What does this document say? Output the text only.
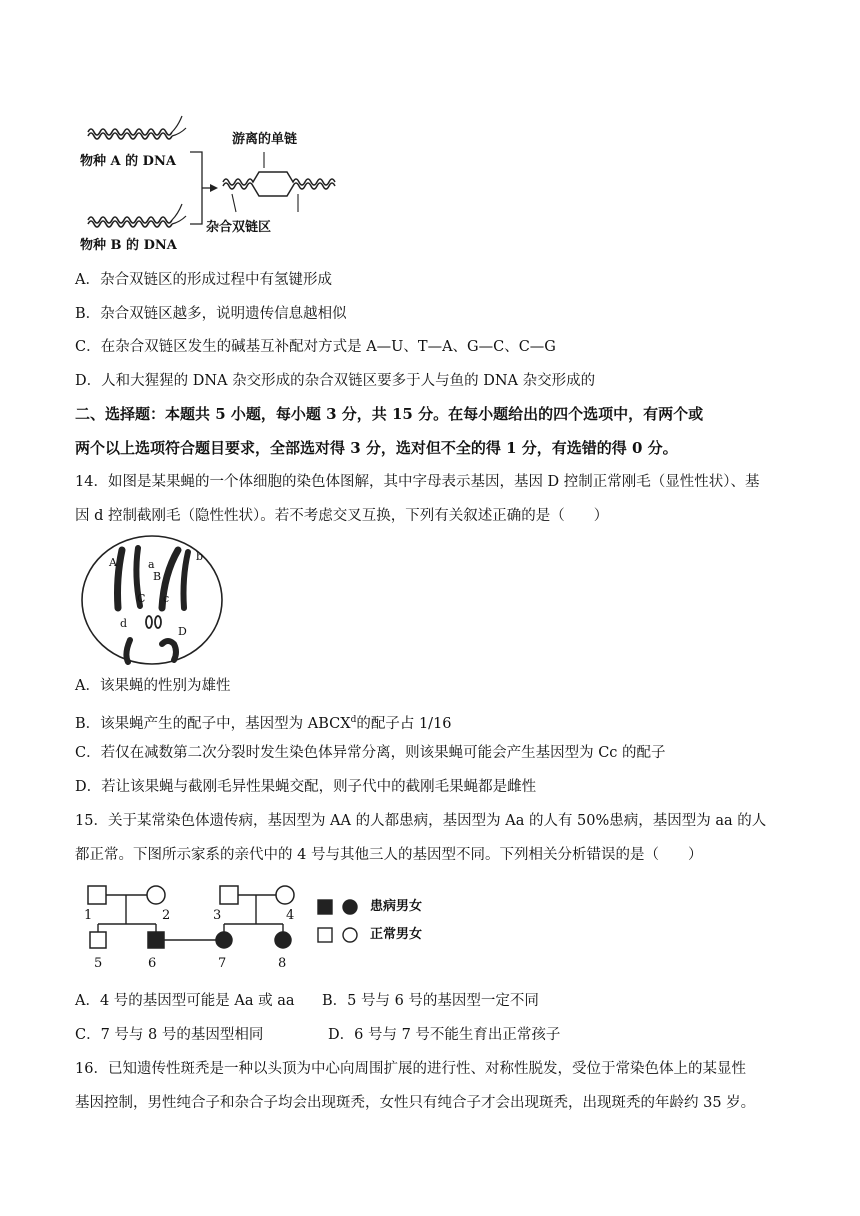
物种 A 的 DNA
物种 B 的 DNA
游离的单链
杂合双链区
A．杂合双链区的形成过程中有氢键形成
B．杂合双链区越多，说明遗传信息越相似
C．在杂合双链区发生的碱基互补配对方式是 A—U、T—A、G—C、C—G
D．人和大猩猩的 DNA 杂交形成的杂合双链区要多于人与鱼的 DNA 杂交形成的
二、选择题：本题共 5 小题，每小题 3 分，共 15 分。在每小题给出的四个选项中，有两个或
两个以上选项符合题目要求，全部选对得 3 分，选对但不全的得 1 分，有选错的得 0 分。
14．如图是某果蝇的一个体细胞的染色体图解，其中字母表示基因，基因 D 控制正常刚毛（显性性状）、基
因 d 控制截刚毛（隐性性状）。若不考虑交叉互换，下列有关叙述正确的是（　　）
A	a
B
b
C c
d
D
A．该果蝇的性别为雄性
B．该果蝇产生的配子中，基因型为 ABCX$^d$的配子占 1/16
C．若仅在减数第二次分裂时发生染色体异常分离，则该果蝇可能会产生基因型为 Cc 的配子
D．若让该果蝇与截刚毛异性果蝇交配，则子代中的截刚毛果蝇都是雌性
15．关于某常染色体遗传病，基因型为 AA 的人都患病，基因型为 Aa 的人有 50%患病，基因型为 aa 的人
都正常。下图所示家系的亲代中的 4 号与其他三人的基因型不同。下列相关分析错误的是（　　）
1	2	3	4
5	6	7	8
患病男女
正常男女
A．4 号的基因型可能是 Aa 或 aa B．5 号与 6 号的基因型一定不同
C．7 号与 8 号的基因型相同	D．6 号与 7 号不能生育出正常孩子
16．已知遗传性斑秃是一种以头顶为中心向周围扩展的进行性、对称性脱发，受位于常染色体上的某显性
基因控制，男性纯合子和杂合子均会出现斑秃，女性只有纯合子才会出现斑秃，出现斑秃的年龄约 35 岁。
